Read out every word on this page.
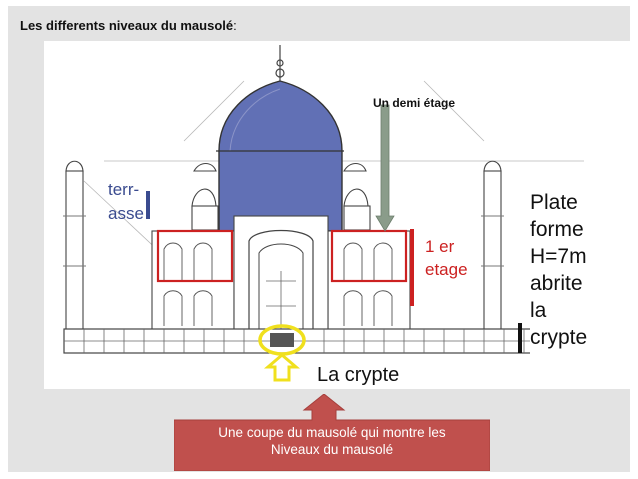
Les differents niveaux du mausolé:
Un demi étage
terr-
asse
1 er
etage
La crypte
Plate
forme
H=7m
abrite
la
crypte
Une coupe du mausolé qui montre les
Niveaux du mausolé
